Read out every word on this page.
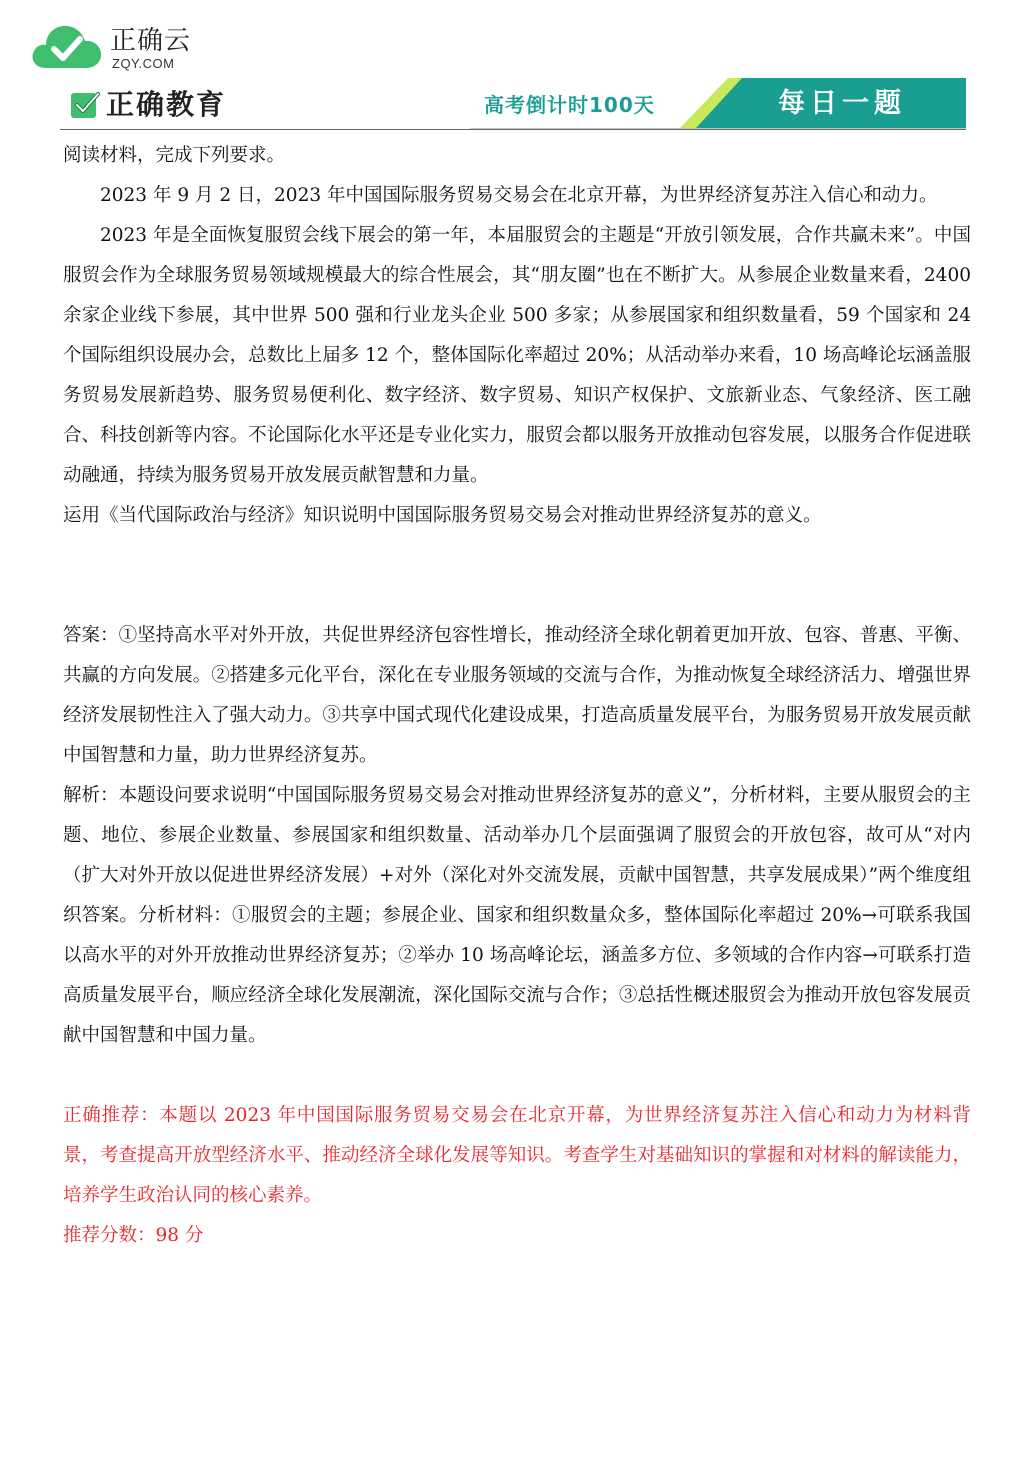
正确云
ZQY.COM
正确教育	高考倒计时100天	每日一题

阅读材料，完成下列要求。

2023 年 9 月 2 日，2023 年中国国际服务贸易交易会在北京开幕，为世界经济复苏注入信心和动力。

2023 年是全面恢复服贸会线下展会的第一年，本届服贸会的主题是“开放引领发展，合作共赢未来”。中国服贸会作为全球服务贸易领域规模最大的综合性展会，其“朋友圈”也在不断扩大。从参展企业数量来看，2400 余家企业线下参展，其中世界 500 强和行业龙头企业 500 多家；从参展国家和组织数量看，59 个国家和 24 个国际组织设展办会，总数比上届多 12 个，整体国际化率超过 20%；从活动举办来看，10 场高峰论坛涵盖服务贸易发展新趋势、服务贸易便利化、数字经济、数字贸易、知识产权保护、文旅新业态、气象经济、医工融合、科技创新等内容。不论国际化水平还是专业化实力，服贸会都以服务开放推动包容发展，以服务合作促进联动融通，持续为服务贸易开放发展贡献智慧和力量。

运用《当代国际政治与经济》知识说明中国国际服务贸易交易会对推动世界经济复苏的意义。

答案：①坚持高水平对外开放，共促世界经济包容性增长，推动经济全球化朝着更加开放、包容、普惠、平衡、共赢的方向发展。②搭建多元化平台，深化在专业服务领域的交流与合作，为推动恢复全球经济活力、增强世界经济发展韧性注入了强大动力。③共享中国式现代化建设成果，打造高质量发展平台，为服务贸易开放发展贡献中国智慧和力量，助力世界经济复苏。

解析：本题设问要求说明“中国国际服务贸易交易会对推动世界经济复苏的意义”，分析材料，主要从服贸会的主题、地位、参展企业数量、参展国家和组织数量、活动举办几个层面强调了服贸会的开放包容，故可从“对内（扩大对外开放以促进世界经济发展）+对外（深化对外交流发展，贡献中国智慧，共享发展成果）”两个维度组织答案。分析材料：①服贸会的主题；参展企业、国家和组织数量众多，整体国际化率超过 20%→可联系我国以高水平的对外开放推动世界经济复苏；②举办 10 场高峰论坛，涵盖多方位、多领域的合作内容→可联系打造高质量发展平台，顺应经济全球化发展潮流，深化国际交流与合作；③总括性概述服贸会为推动开放包容发展贡献中国智慧和中国力量。

正确推荐：本题以 2023 年中国国际服务贸易交易会在北京开幕，为世界经济复苏注入信心和动力为材料背景，考查提高开放型经济水平、推动经济全球化发展等知识。考查学生对基础知识的掌握和对材料的解读能力，培养学生政治认同的核心素养。

推荐分数：98 分
